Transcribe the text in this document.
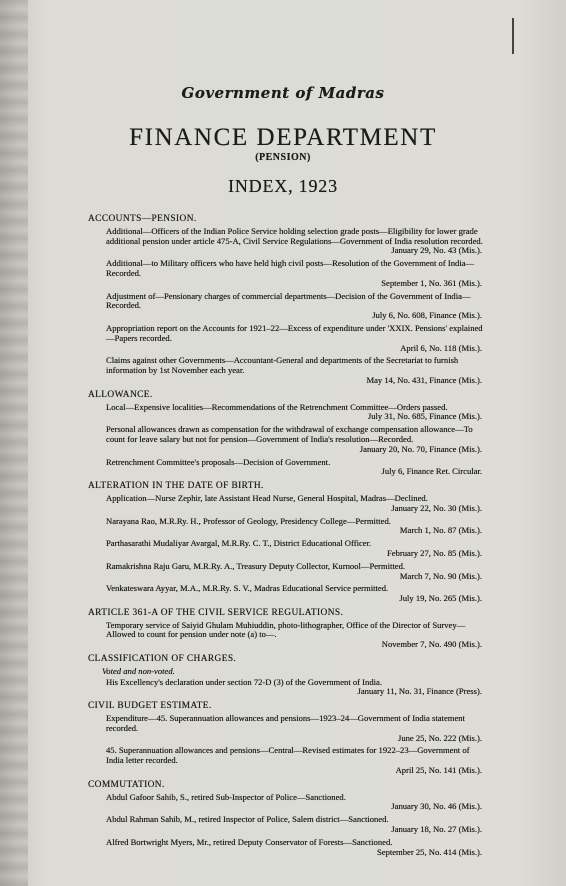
Government of Madras
FINANCE DEPARTMENT
(PENSION)
INDEX, 1923
ACCOUNTS—PENSION.
Additional—Officers of the Indian Police Service holding selection grade posts—Eligibility for lower grade additional pension under article 475-A, Civil Service Regulations—Government of India resolution recorded.
January 29, No. 43 (Mis.).
Additional—to Military officers who have held high civil posts—Resolution of the Government of India—Recorded.
September 1, No. 361 (Mis.).
Adjustment of—Pensionary charges of commercial departments—Decision of the Government of India—Recorded.
July 6, No. 608, Finance (Mis.).
Appropriation report on the Accounts for 1921–22—Excess of expenditure under 'XXIX. Pensions' explained—Papers recorded.
April 6, No. 118 (Mis.).
Claims against other Governments—Accountant-General and departments of the Secretariat to furnish information by 1st November each year.
May 14, No. 431, Finance (Mis.).
ALLOWANCE.
Local—Expensive localities—Recommendations of the Retrenchment Committee—Orders passed.
July 31, No. 685, Finance (Mis.).
Personal allowances drawn as compensation for the withdrawal of exchange compensation allowance—To count for leave salary but not for pension—Government of India's resolution—Recorded.
January 20, No. 70, Finance (Mis.).
Retrenchment Committee's proposals—Decision of Government.
July 6, Finance Ret. Circular.
ALTERATION IN THE DATE OF BIRTH.
Application—Nurse Zephir, late Assistant Head Nurse, General Hospital, Madras—Declined.
January 22, No. 30 (Mis.).
Narayana Rao, M.R.Ry. H., Professor of Geology, Presidency College—Permitted.
March 1, No. 87 (Mis.).
Parthasarathi Mudaliyar Avargal, M.R.Ry. C. T., District Educational Officer.
February 27, No. 85 (Mis.).
Ramakrishna Raju Garu, M.R.Ry. A., Treasury Deputy Collector, Kurnool—Permitted.
March 7, No. 90 (Mis.).
Venkateswara Ayyar, M.A., M.R.Ry. S. V., Madras Educational Service permitted.
July 19, No. 265 (Mis.).
ARTICLE 361-A OF THE CIVIL SERVICE REGULATIONS.
Temporary service of Saiyid Ghulam Muhiuddin, photo-lithographer, Office of the Director of Survey—Allowed to count for pension under note (a) to—.
November 7, No. 490 (Mis.).
CLASSIFICATION OF CHARGES.
Voted and non-voted.
His Excellency's declaration under section 72-D (3) of the Government of India.
January 11, No. 31, Finance (Press).
CIVIL BUDGET ESTIMATE.
Expenditure—45. Superannuation allowances and pensions—1923–24—Government of India statement recorded.
June 25, No. 222 (Mis.).
45. Superannuation allowances and pensions—Central—Revised estimates for 1922–23—Government of India letter recorded.
April 25, No. 141 (Mis.).
COMMUTATION.
Abdul Gafoor Sahib, S., retired Sub-Inspector of Police—Sanctioned.
January 30, No. 46 (Mis.).
Abdul Rahman Sahib, M., retired Inspector of Police, Salem district—Sanctioned.
January 18, No. 27 (Mis.).
Alfred Bortwright Myers, Mr., retired Deputy Conservator of Forests—Sanctioned.
September 25, No. 414 (Mis.).
